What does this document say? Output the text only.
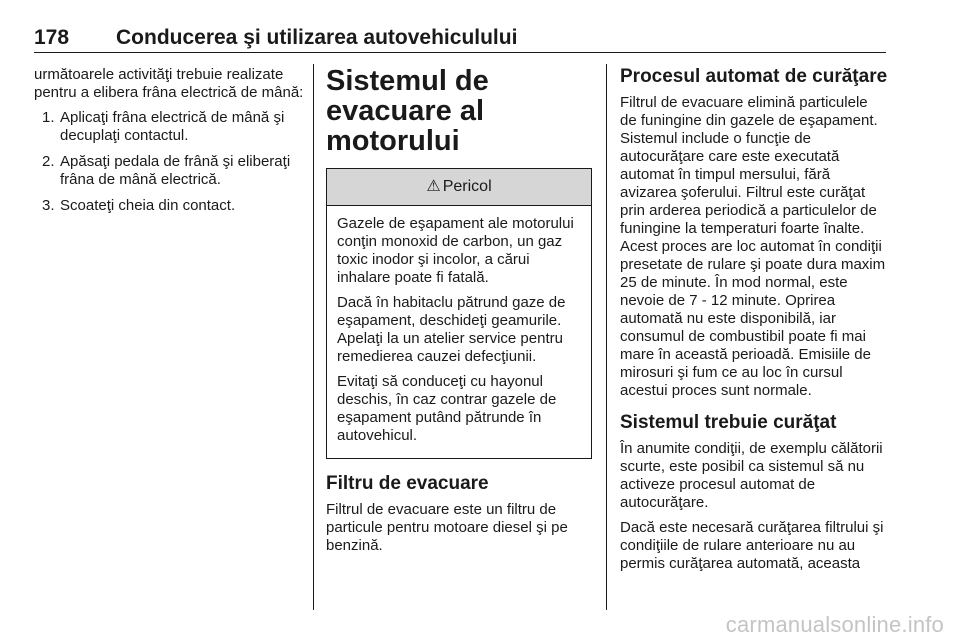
178 Conducerea şi utilizarea autovehiculului

următoarele activităţi trebuie realizate pentru a elibera frâna electrică de mână:

1. Aplicaţi frâna electrică de mână şi decuplaţi contactul.
2. Apăsaţi pedala de frână şi eliberaţi frâna de mână electrică.
3. Scoateţi cheia din contact.
Sistemul de evacuare al motorului
⚠ Pericol

Gazele de eşapament ale motorului conţin monoxid de carbon, un gaz toxic inodor şi incolor, a cărui inhalare poate fi fatală.

Dacă în habitaclu pătrund gaze de eşapament, deschideţi geamurile. Apelaţi la un atelier service pentru remedierea cauzei defecţiunii.

Evitaţi să conduceţi cu hayonul deschis, în caz contrar gazele de eşapament putând pătrunde în autovehicul.

Filtru de evacuare

Filtrul de evacuare este un filtru de particule pentru motoare diesel şi pe benzină.

Procesul automat de curăţare

Filtrul de evacuare elimină particulele de funingine din gazele de eşapament. Sistemul include o funcţie de autocurăţare care este executată automat în timpul mersului, fără avizarea şoferului. Filtrul este curăţat prin arderea periodică a particulelor de funingine la temperaturi foarte înalte. Acest proces are loc automat în condiţii presetate de rulare şi poate dura maxim 25 de minute. În mod normal, este nevoie de 7 - 12 minute. Oprirea automată nu este disponibilă, iar consumul de combustibil poate fi mai mare în această perioadă. Emisiile de mirosuri şi fum ce au loc în cursul acestui proces sunt normale.

Sistemul trebuie curăţat

În anumite condiţii, de exemplu călătorii scurte, este posibil ca sistemul să nu activeze procesul automat de autocurăţare.

Dacă este necesară curăţarea filtrului şi condiţiile de rulare anterioare nu au permis curăţarea automată, aceasta

carmanualsonline.info
